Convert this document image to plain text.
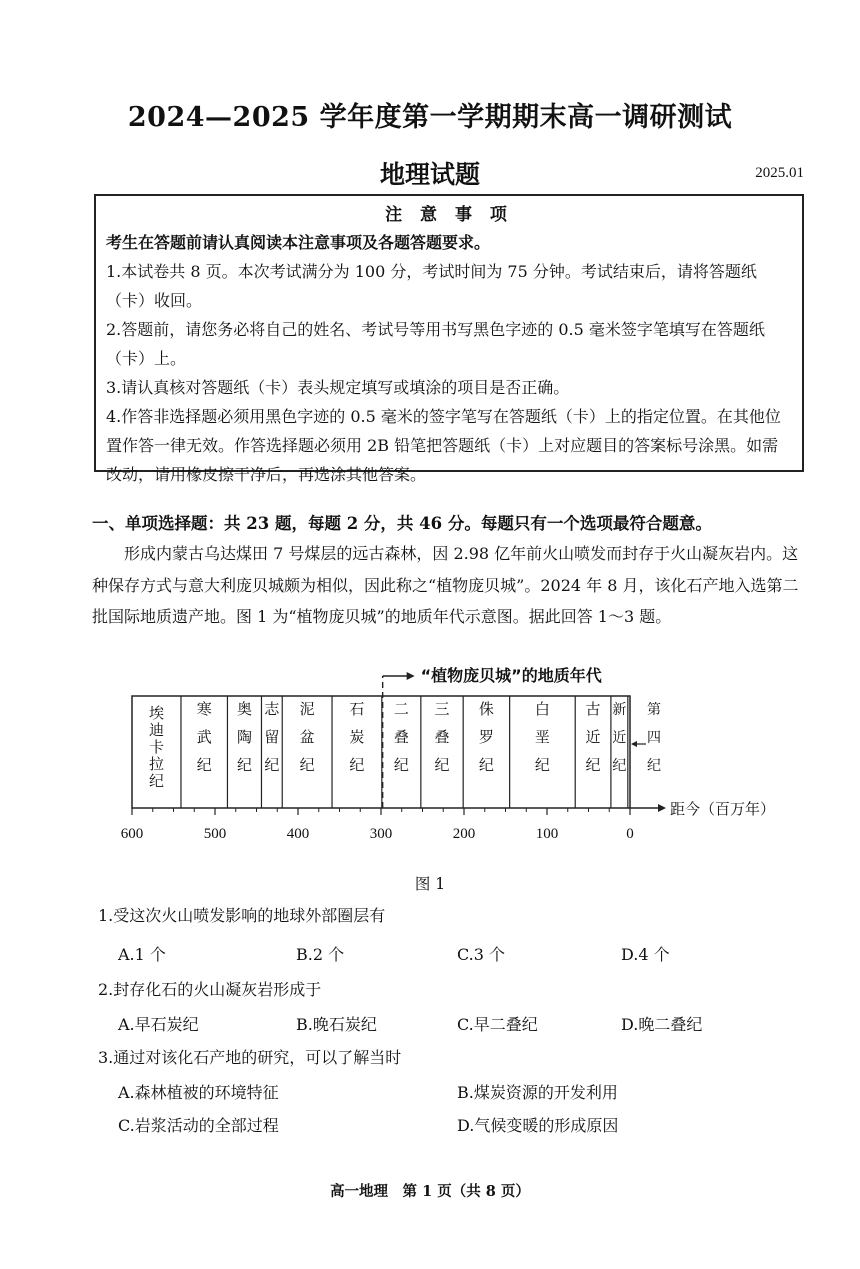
2024—2025 学年度第一学期期末高一调研测试
地理试题	2025.01
注 意 事 项

考生在答题前请认真阅读本注意事项及各题答题要求。

1.本试卷共 8 页。本次考试满分为 100 分，考试时间为 75 分钟。考试结束后，请将答题纸（卡）收回。

2.答题前，请您务必将自己的姓名、考试号等用书写黑色字迹的 0.5 毫米签字笔填写在答题纸（卡）上。

3.请认真核对答题纸（卡）表头规定填写或填涂的项目是否正确。

4.作答非选择题必须用黑色字迹的 0.5 毫米的签字笔写在答题纸（卡）上的指定位置。在其他位置作答一律无效。作答选择题必须用 2B 铅笔把答题纸（卡）上对应题目的答案标号涂黑。如需改动，请用橡皮擦干净后，再选涂其他答案。

一、单项选择题：共 23 题，每题 2 分，共 46 分。每题只有一个选项最符合题意。

形成内蒙古乌达煤田 7 号煤层的远古森林，因 2.98 亿年前火山喷发而封存于火山凝灰岩内。这种保存方式与意大利庞贝城颇为相似，因此称之“植物庞贝城”。2024 年 8 月，该化石产地入选第二批国际地质遗产地。图 1 为“植物庞贝城”的地质年代示意图。据此回答 1～3 题。

埃迪卡拉纪
寒武纪
奥陶纪
志留纪
泥盆纪
石炭纪
二叠纪
三叠纪
侏罗纪
白垩纪
古近纪
新近纪
第四纪
距今（百万年）
600	500	400	300	200	100	0
“植物庞贝城”的地质年代
图 1
1.受这次火山喷发影响的地球外部圈层有
A.1 个	B.2 个	C.3 个	D.4 个
2.封存化石的火山凝灰岩形成于
A.早石炭纪	B.晚石炭纪	C.早二叠纪	D.晚二叠纪
3.通过对该化石产地的研究，可以了解当时
A.森林植被的环境特征	B.煤炭资源的开发利用
C.岩浆活动的全部过程	D.气候变暖的形成原因
高一地理　第 1 页（共 8 页）
